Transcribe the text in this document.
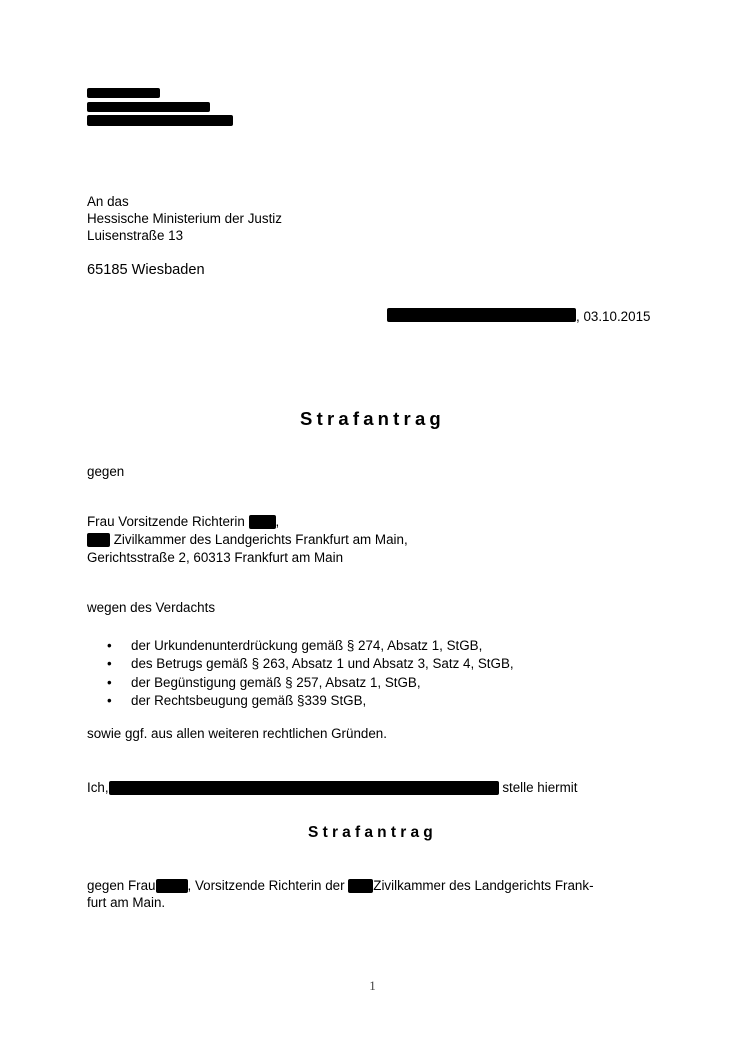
An das
Hessische Ministerium der Justiz
Luisenstraße 13
65185 Wiesbaden
, 03.10.2015
Strafantrag
gegen
Frau Vorsitzende Richterin ,
Zivilkammer des Landgerichts Frankfurt am Main,
Gerichtsstraße 2, 60313 Frankfurt am Main
wegen des Verdachts
• der Urkundenunterdrückung gemäß § 274, Absatz 1, StGB,
• des Betrugs gemäß § 263, Absatz 1 und Absatz 3, Satz 4, StGB,
• der Begünstigung gemäß § 257, Absatz 1, StGB,
• der Rechtsbeugung gemäß §339 StGB,
sowie ggf. aus allen weiteren rechtlichen Gründen.
Ich,	stelle hiermit
Strafantrag
gegen Frau , Vorsitzende Richterin der Zivilkammer des Landgerichts Frank-
furt am Main.
1
